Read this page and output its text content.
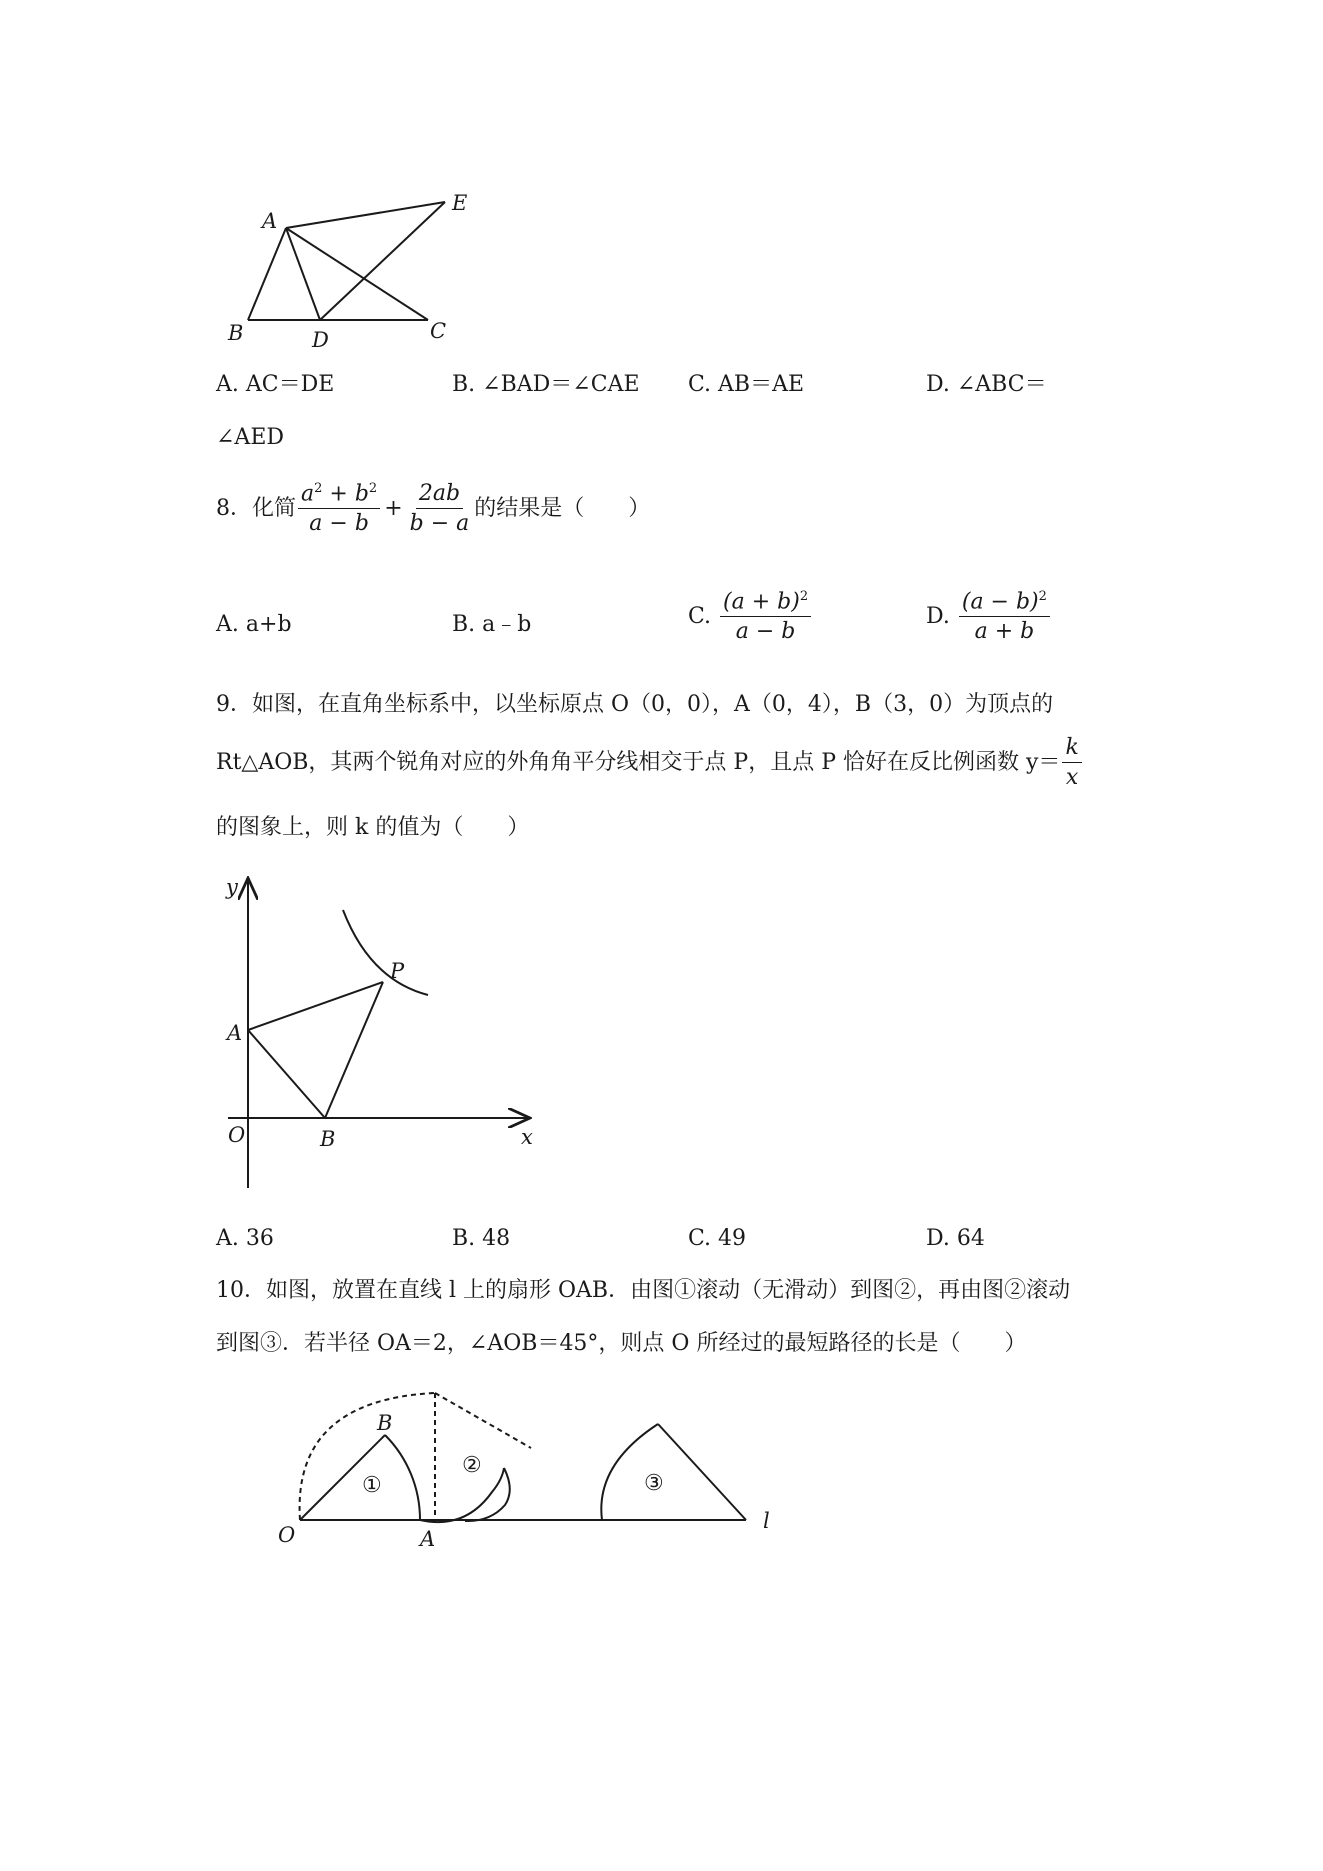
A
E
B	D	C
A. AC＝DE	B. ∠BAD＝∠CAE C. AB＝AE	D. ∠ABC＝
∠AED
8．化简 $\frac{a^2 + b^2}{a - b} + \frac{2ab}{b - a}$ 的结果是（　　）
A. a+b	B. a﹣b	C.
$\frac{(a + b)^2}{a - b}$	D.
$\frac{(a - b)^2}{a + b}$
9．如图，在直角坐标系中，以坐标原点 O（0，0），A（0，4），B（3，0）为顶点的
Rt△AOB，其两个锐角对应的外角角平分线相交于点 P，且点 P 恰好在反比例函数 $y= \frac{k}{x}$
的图象上，则 k 的值为（　　）
y
x
O
A
B
P
A. 36	B. 48	C. 49	D. 64
10．如图，放置在直线 l 上的扇形 OAB．由图①滚动（无滑动）到图②，再由图②滚动
到图③．若半径 OA＝2，∠AOB＝45°，则点 O 所经过的最短路径的长是（　　）
O	A
B
l
①
②
③
